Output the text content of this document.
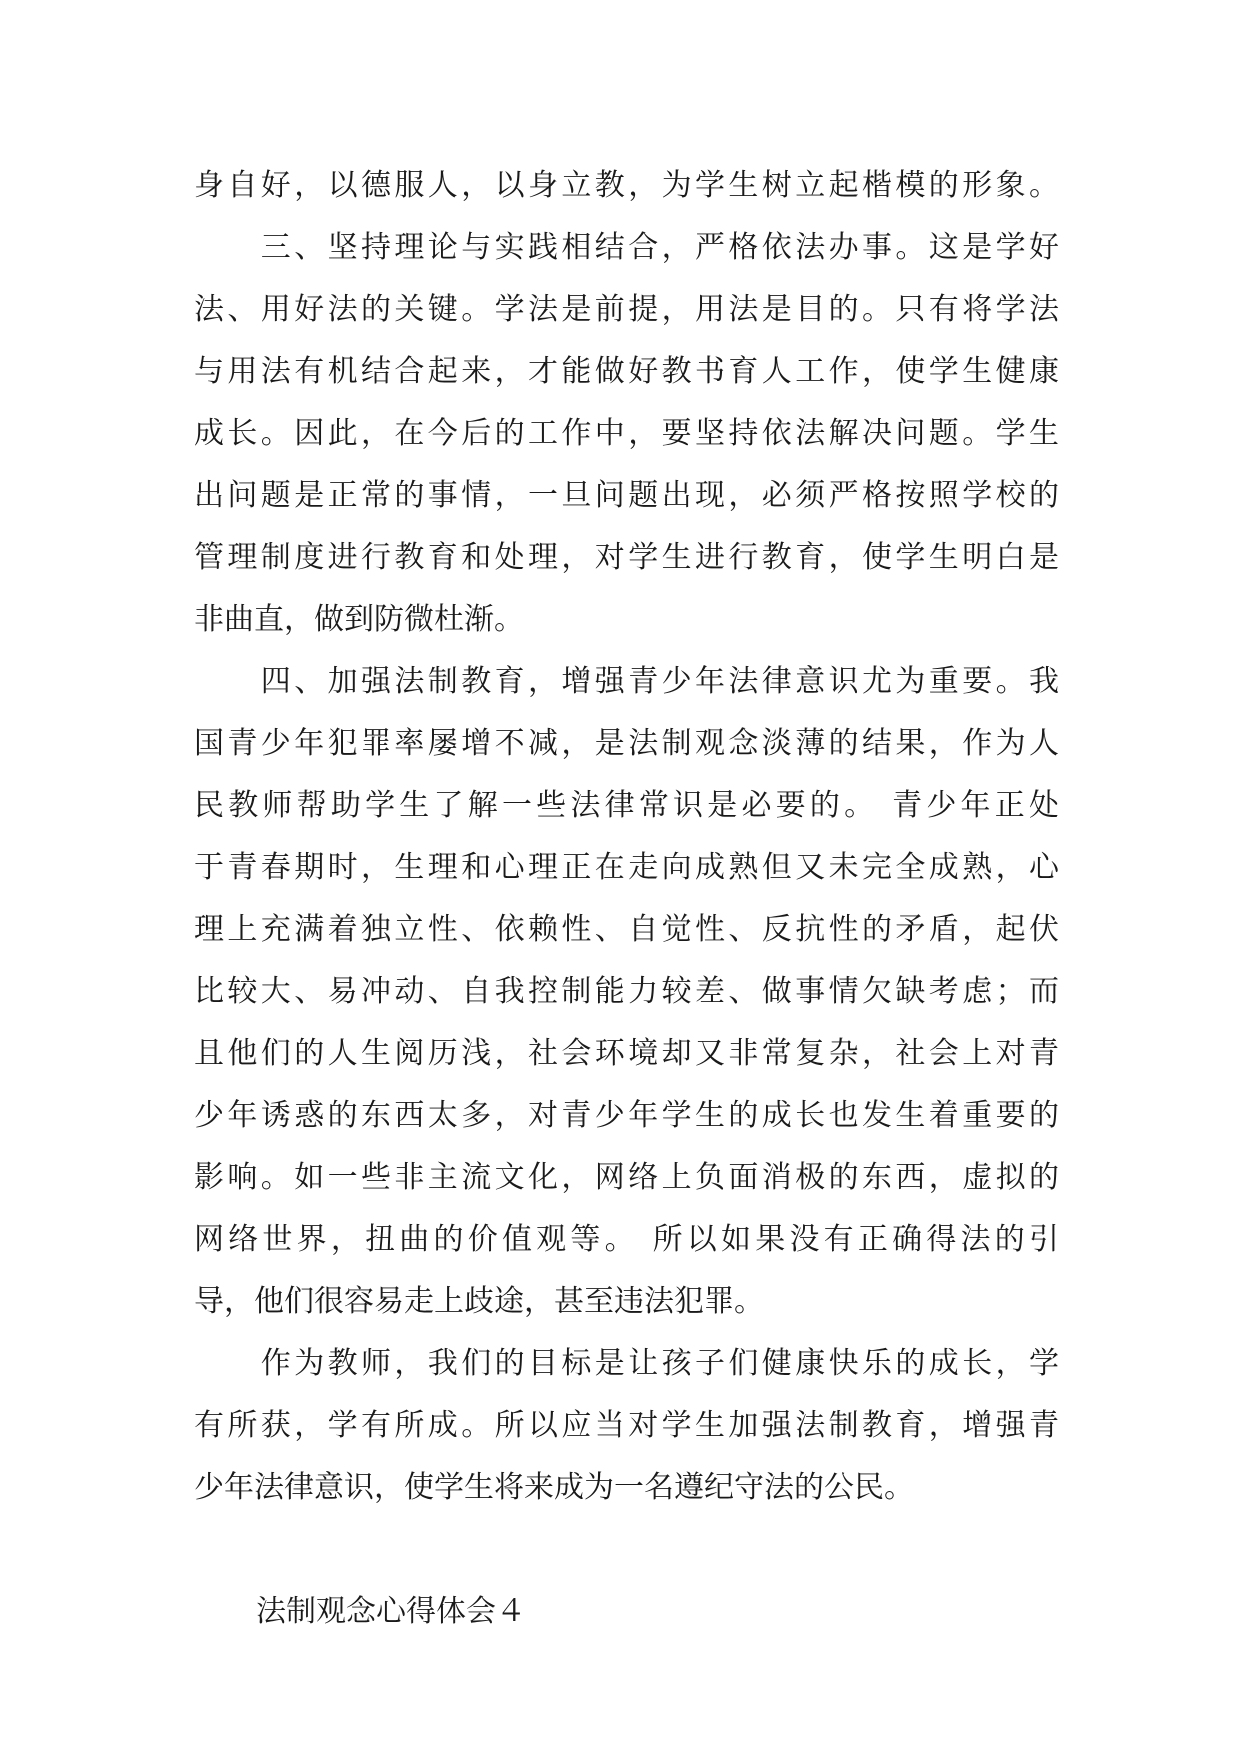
身自好，以德服人，以身立教，为学生树立起楷模的形象。
　　三、坚持理论与实践相结合，严格依法办事。这是学好
法、用好法的关键。学法是前提，用法是目的。只有将学法
与用法有机结合起来，才能做好教书育人工作，使学生健康
成长。因此，在今后的工作中，要坚持依法解决问题。学生
出问题是正常的事情，一旦问题出现，必须严格按照学校的
管理制度进行教育和处理，对学生进行教育，使学生明白是
非曲直，做到防微杜渐。
　　四、加强法制教育，增强青少年法律意识尤为重要。我
国青少年犯罪率屡增不减，是法制观念淡薄的结果，作为人
民教师帮助学生了解一些法律常识是必要的。 青少年正处
于青春期时，生理和心理正在走向成熟但又未完全成熟，心
理上充满着独立性、依赖性、自觉性、反抗性的矛盾，起伏
比较大、易冲动、自我控制能力较差、做事情欠缺考虑；而
且他们的人生阅历浅，社会环境却又非常复杂，社会上对青
少年诱惑的东西太多，对青少年学生的成长也发生着重要的
影响。如一些非主流文化，网络上负面消极的东西，虚拟的
网络世界，扭曲的价值观等。 所以如果没有正确得法的引
导，他们很容易走上歧途，甚至违法犯罪。
　　作为教师，我们的目标是让孩子们健康快乐的成长，学
有所获，学有所成。所以应当对学生加强法制教育，增强青
少年法律意识，使学生将来成为一名遵纪守法的公民。
法制观念心得体会４
